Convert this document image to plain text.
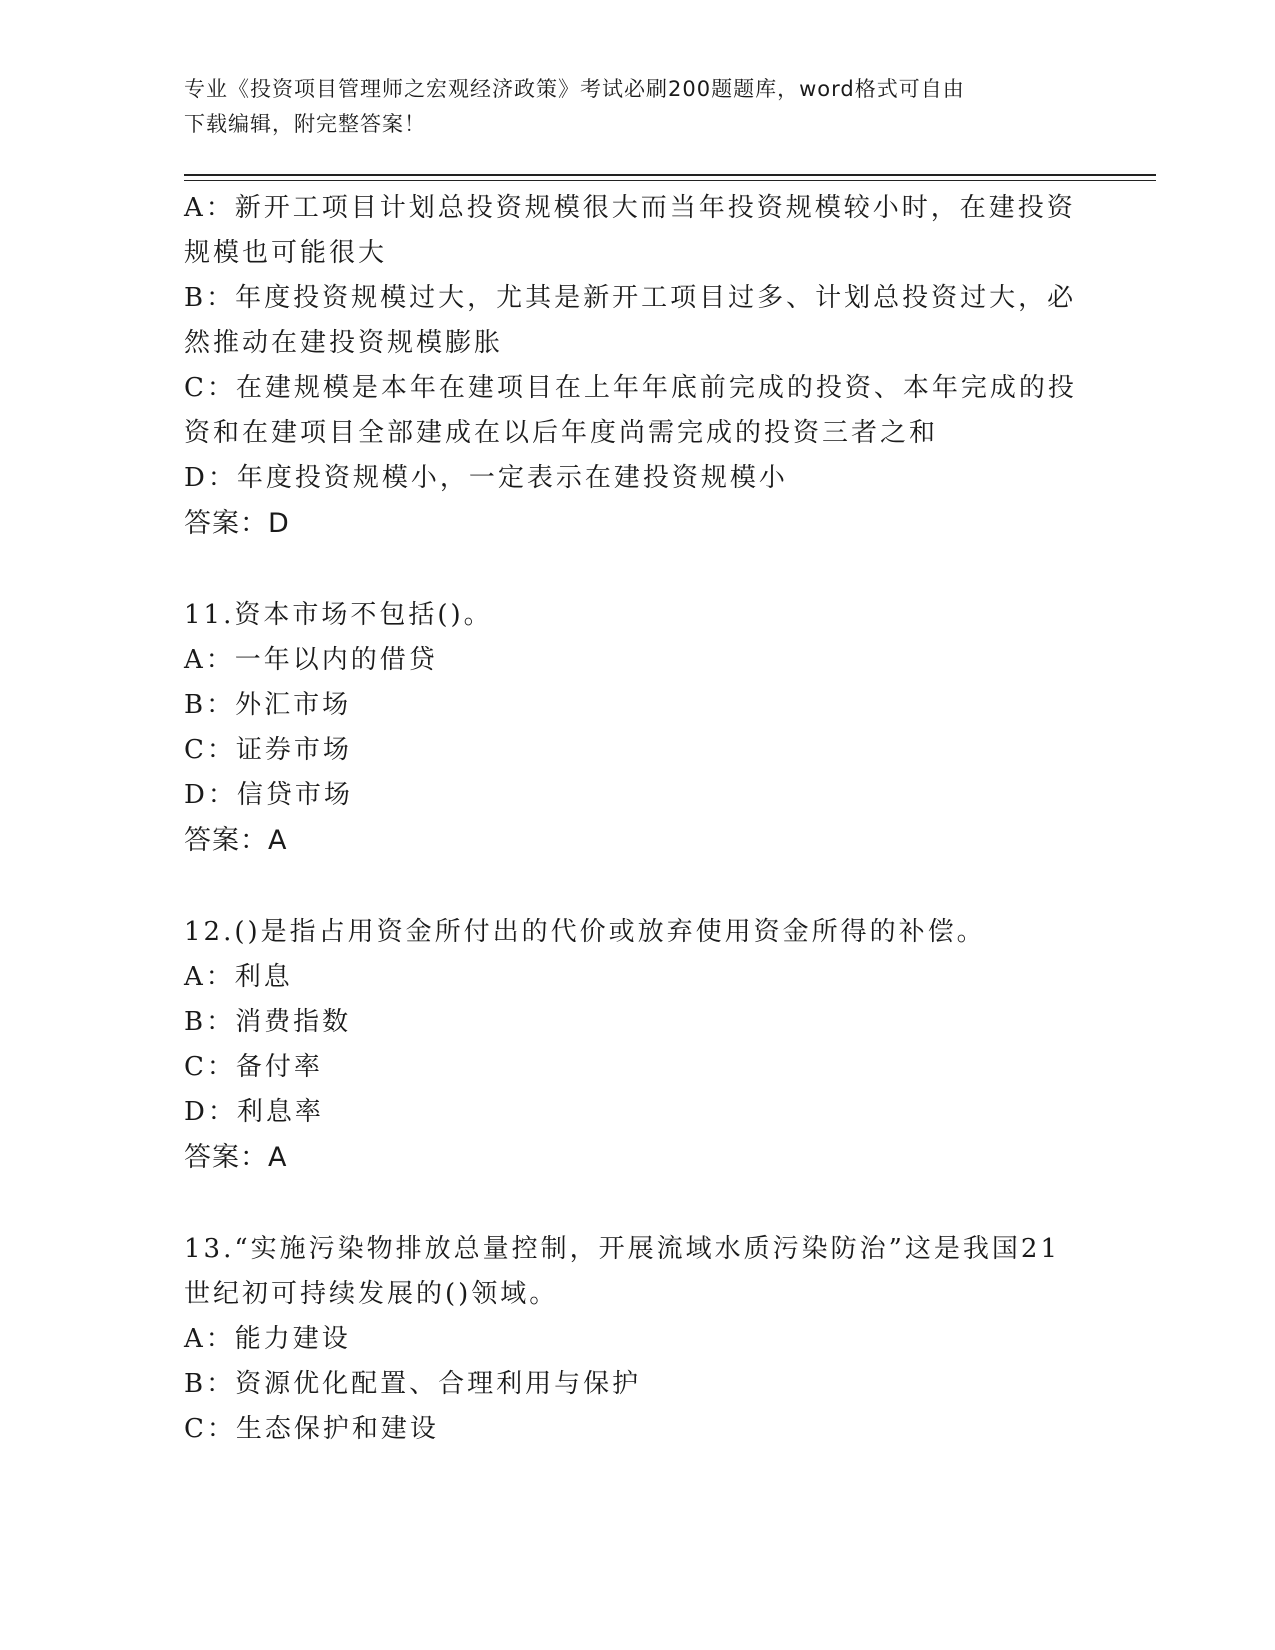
专业《投资项目管理师之宏观经济政策》考试必刷200题题库，word格式可自由
下载编辑，附完整答案！
A：新开工项目计划总投资规模很大而当年投资规模较小时，在建投资
规模也可能很大
B：年度投资规模过大，尤其是新开工项目过多、计划总投资过大，必
然推动在建投资规模膨胀
C：在建规模是本年在建项目在上年年底前完成的投资、本年完成的投
资和在建项目全部建成在以后年度尚需完成的投资三者之和
D：年度投资规模小，一定表示在建投资规模小
答案：D
11.资本市场不包括()。
A：一年以内的借贷
B：外汇市场
C：证券市场
D：信贷市场
答案：A
12.()是指占用资金所付出的代价或放弃使用资金所得的补偿。
A：利息
B：消费指数
C：备付率
D：利息率
答案：A
13.“实施污染物排放总量控制，开展流域水质污染防治”这是我国21
世纪初可持续发展的()领域。
A：能力建设
B：资源优化配置、合理利用与保护
C：生态保护和建设
